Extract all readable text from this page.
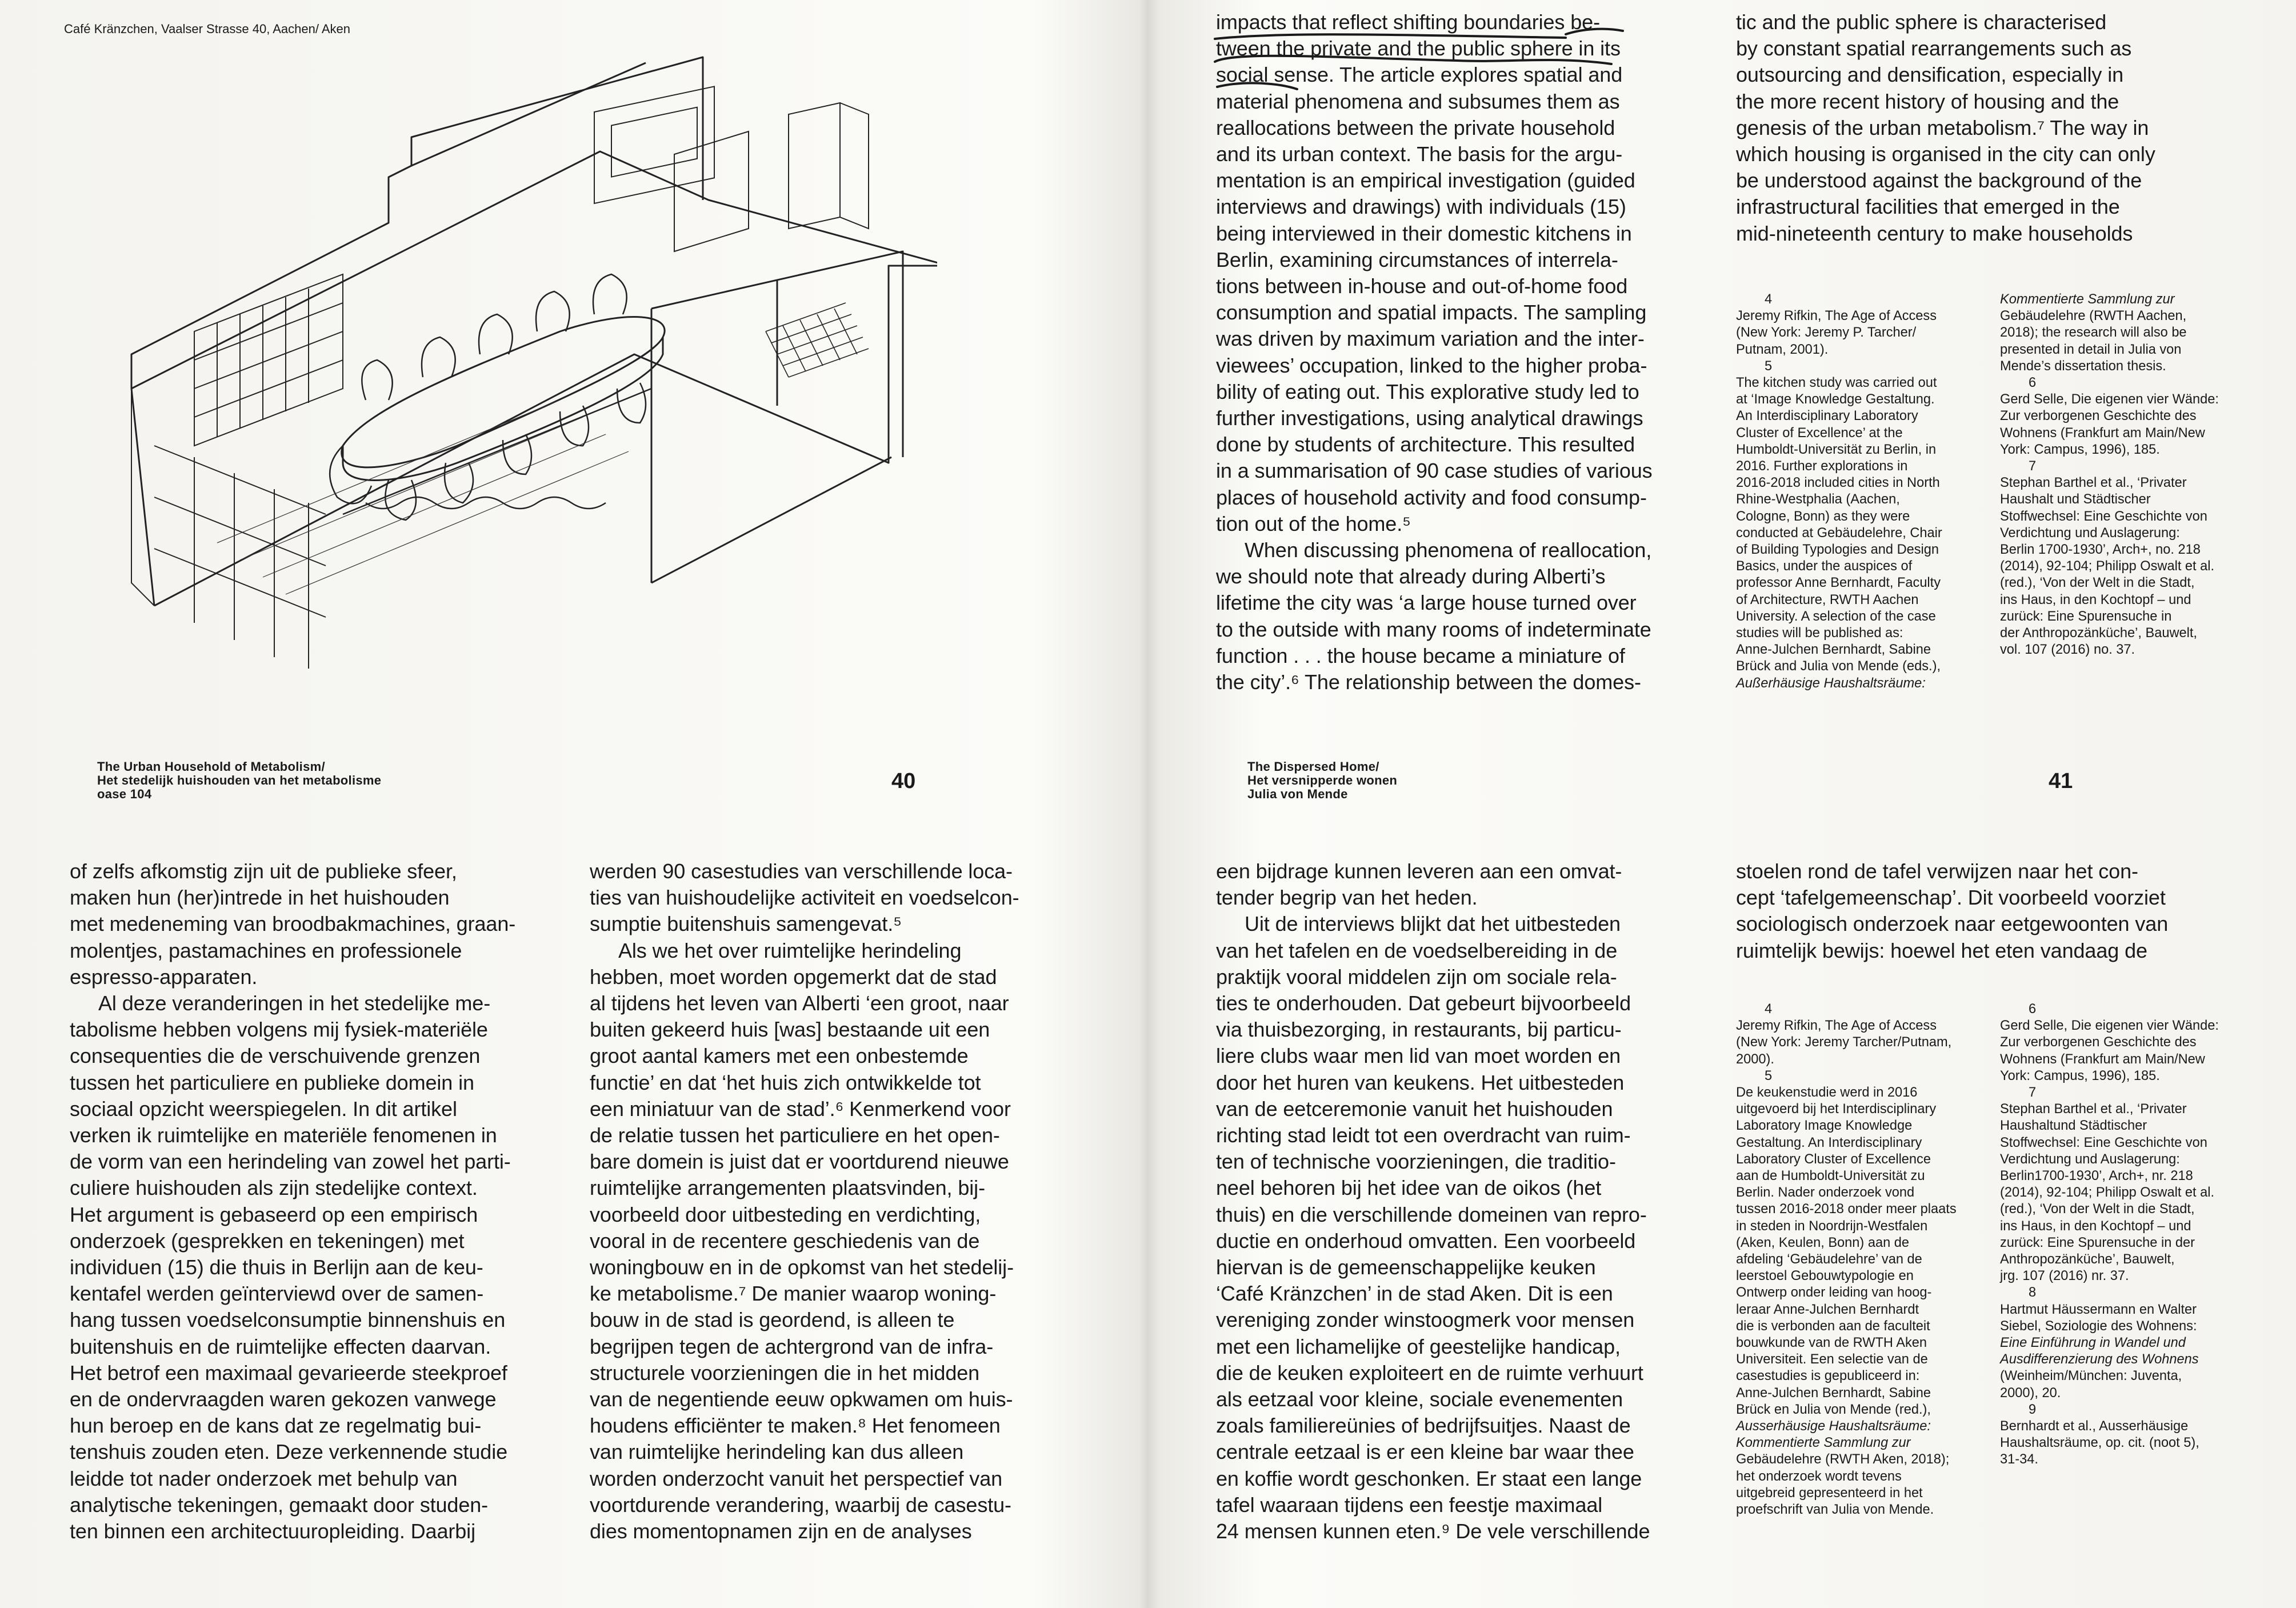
Café Kränzchen, Vaalser Strasse 40, Aachen/ Aken
The Urban Household of Metabolism/
Het stedelijk huishouden van het metabolisme
oase 104
40
The Dispersed Home/
Het versnipperde wonen
Julia von Mende
41
impacts that reflect shifting boundaries be-
tween the private and the public sphere in its
social sense. The article explores spatial and
material phenomena and subsumes them as
reallocations between the private household
and its urban context. The basis for the argu-
mentation is an empirical investigation (guided
interviews and drawings) with individuals (15)
being interviewed in their domestic kitchens in
Berlin, examining circumstances of interrela-
tions between in-house and out-of-home food
consumption and spatial impacts. The sampling
was driven by maximum variation and the inter-
viewees’ occupation, linked to the higher proba-
bility of eating out. This explorative study led to
further investigations, using analytical drawings
done by students of architecture. This resulted
in a summarisation of 90 case studies of various
places of household activity and food consump-
tion out of the home.⁵
When discussing phenomena of reallocation,
we should note that already during Alberti’s
lifetime the city was ‘a large house turned over
to the outside with many rooms of indeterminate
function . . . the house became a miniature of
the city’.⁶ The relationship between the domes-
tic and the public sphere is characterised
by constant spatial rearrangements such as
outsourcing and densification, especially in
the more recent history of housing and the
genesis of the urban metabolism.⁷ The way in
which housing is organised in the city can only
be understood against the background of the
infrastructural facilities that emerged in the
mid-nineteenth century to make households
4
Jeremy Rifkin, The Age of Access
(New York: Jeremy P. Tarcher/
Putnam, 2001).
5
The kitchen study was carried out
at ‘Image Knowledge Gestaltung.
An Interdisciplinary Laboratory
Cluster of Excellence’ at the
Humboldt-Universität zu Berlin, in
2016. Further explorations in
2016-2018 included cities in North
Rhine-Westphalia (Aachen,
Cologne, Bonn) as they were
conducted at Gebäudelehre, Chair
of Building Typologies and Design
Basics, under the auspices of
professor Anne Bernhardt, Faculty
of Architecture, RWTH Aachen
University. A selection of the case
studies will be published as:
Anne-Julchen Bernhardt, Sabine
Brück and Julia von Mende (eds.),
Außerhäusige Haushaltsräume:
Kommentierte Sammlung zur
Gebäudelehre (RWTH Aachen,
2018); the research will also be
presented in detail in Julia von
Mende’s dissertation thesis.
6
Gerd Selle, Die eigenen vier Wände:
Zur verborgenen Geschichte des
Wohnens (Frankfurt am Main/New
York: Campus, 1996), 185.
7
Stephan Barthel et al., ‘Privater
Haushalt und Städtischer
Stoffwechsel: Eine Geschichte von
Verdichtung und Auslagerung:
Berlin 1700-1930’, Arch+, no. 218
(2014), 92-104; Philipp Oswalt et al.
(red.), ‘Von der Welt in die Stadt,
ins Haus, in den Kochtopf – und
zurück: Eine Spurensuche in
der Anthropozänküche’, Bauwelt,
vol. 107 (2016) no. 37.
of zelfs afkomstig zijn uit de publieke sfeer,
maken hun (her)intrede in het huishouden
met medeneming van broodbakmachines, graan-
molentjes, pastamachines en professionele
espresso-apparaten.
Al deze veranderingen in het stedelijke me-
tabolisme hebben volgens mij fysiek-materiële
consequenties die de verschuivende grenzen
tussen het particuliere en publieke domein in
sociaal opzicht weerspiegelen. In dit artikel
verken ik ruimtelijke en materiële fenomenen in
de vorm van een herindeling van zowel het parti-
culiere huishouden als zijn stedelijke context.
Het argument is gebaseerd op een empirisch
onderzoek (gesprekken en tekeningen) met
individuen (15) die thuis in Berlijn aan de keu-
kentafel werden geïnterviewd over de samen-
hang tussen voedselconsumptie binnenshuis en
buitenshuis en de ruimtelijke effecten daarvan.
Het betrof een maximaal gevarieerde steekproef
en de ondervraagden waren gekozen vanwege
hun beroep en de kans dat ze regelmatig bui-
tenshuis zouden eten. Deze verkennende studie
leidde tot nader onderzoek met behulp van
analytische tekeningen, gemaakt door studen-
ten binnen een architectuuropleiding. Daarbij
werden 90 casestudies van verschillende loca-
ties van huishoudelijke activiteit en voedselcon-
sumptie buitenshuis samengevat.⁵
Als we het over ruimtelijke herindeling
hebben, moet worden opgemerkt dat de stad
al tijdens het leven van Alberti ‘een groot, naar
buiten gekeerd huis [was] bestaande uit een
groot aantal kamers met een onbestemde
functie’ en dat ‘het huis zich ontwikkelde tot
een miniatuur van de stad’.⁶ Kenmerkend voor
de relatie tussen het particuliere en het open-
bare domein is juist dat er voortdurend nieuwe
ruimtelijke arrangementen plaatsvinden, bij-
voorbeeld door uitbesteding en verdichting,
vooral in de recentere geschiedenis van de
woningbouw en in de opkomst van het stedelij-
ke metabolisme.⁷ De manier waarop woning-
bouw in de stad is geordend, is alleen te
begrijpen tegen de achtergrond van de infra-
structurele voorzieningen die in het midden
van de negentiende eeuw opkwamen om huis-
houdens efficiënter te maken.⁸ Het fenomeen
van ruimtelijke herindeling kan dus alleen
worden onderzocht vanuit het perspectief van
voortdurende verandering, waarbij de casestu-
dies momentopnamen zijn en de analyses
een bijdrage kunnen leveren aan een omvat-
tender begrip van het heden.
Uit de interviews blijkt dat het uitbesteden
van het tafelen en de voedselbereiding in de
praktijk vooral middelen zijn om sociale rela-
ties te onderhouden. Dat gebeurt bijvoorbeeld
via thuisbezorging, in restaurants, bij particu-
liere clubs waar men lid van moet worden en
door het huren van keukens. Het uitbesteden
van de eetceremonie vanuit het huishouden
richting stad leidt tot een overdracht van ruim-
ten of technische voorzieningen, die traditio-
neel behoren bij het idee van de oikos (het
thuis) en die verschillende domeinen van repro-
ductie en onderhoud omvatten. Een voorbeeld
hiervan is de gemeenschappelijke keuken
‘Café Kränzchen’ in de stad Aken. Dit is een
vereniging zonder winstoogmerk voor mensen
met een lichamelijke of geestelijke handicap,
die de keuken exploiteert en de ruimte verhuurt
als eetzaal voor kleine, sociale evenementen
zoals familiereünies of bedrijfsuitjes. Naast de
centrale eetzaal is er een kleine bar waar thee
en koffie wordt geschonken. Er staat een lange
tafel waaraan tijdens een feestje maximaal
24 mensen kunnen eten.⁹ De vele verschillende
stoelen rond de tafel verwijzen naar het con-
cept ‘tafelgemeenschap’. Dit voorbeeld voorziet
sociologisch onderzoek naar eetgewoonten van
ruimtelijk bewijs: hoewel het eten vandaag de
4
Jeremy Rifkin, The Age of Access
(New York: Jeremy Tarcher/Putnam,
2000).
5
De keukenstudie werd in 2016
uitgevoerd bij het Interdisciplinary
Laboratory Image Knowledge
Gestaltung. An Interdisciplinary
Laboratory Cluster of Excellence
aan de Humboldt-Universität zu
Berlin. Nader onderzoek vond
tussen 2016-2018 onder meer plaats
in steden in Noordrijn-Westfalen
(Aken, Keulen, Bonn) aan de
afdeling ‘Gebäudelehre’ van de
leerstoel Gebouwtypologie en
Ontwerp onder leiding van hoog-
leraar Anne-Julchen Bernhardt
die is verbonden aan de faculteit
bouwkunde van de RWTH Aken
Universiteit. Een selectie van de
casestudies is gepubliceerd in:
Anne-Julchen Bernhardt, Sabine
Brück en Julia von Mende (red.),
Ausserhäusige Haushaltsräume:
Kommentierte Sammlung zur
Gebäudelehre (RWTH Aken, 2018);
het onderzoek wordt tevens
uitgebreid gepresenteerd in het
proefschrift van Julia von Mende.
6
Gerd Selle, Die eigenen vier Wände:
Zur verborgenen Geschichte des
Wohnens (Frankfurt am Main/New
York: Campus, 1996), 185.
7
Stephan Barthel et al., ‘Privater
Haushaltund Städtischer
Stoffwechsel: Eine Geschichte von
Verdichtung und Auslagerung:
Berlin1700-1930’, Arch+, nr. 218
(2014), 92-104; Philipp Oswalt et al.
(red.), ‘Von der Welt in die Stadt,
ins Haus, in den Kochtopf – und
zurück: Eine Spurensuche in der
Anthropozänküche’, Bauwelt,
jrg. 107 (2016) nr. 37.
8
Hartmut Häussermann en Walter
Siebel, Soziologie des Wohnens:
Eine Einführung in Wandel und
Ausdifferenzierung des Wohnens
(Weinheim/München: Juventa,
2000), 20.
9
Bernhardt et al., Ausserhäusige
Haushaltsräume, op. cit. (noot 5),
31-34.
